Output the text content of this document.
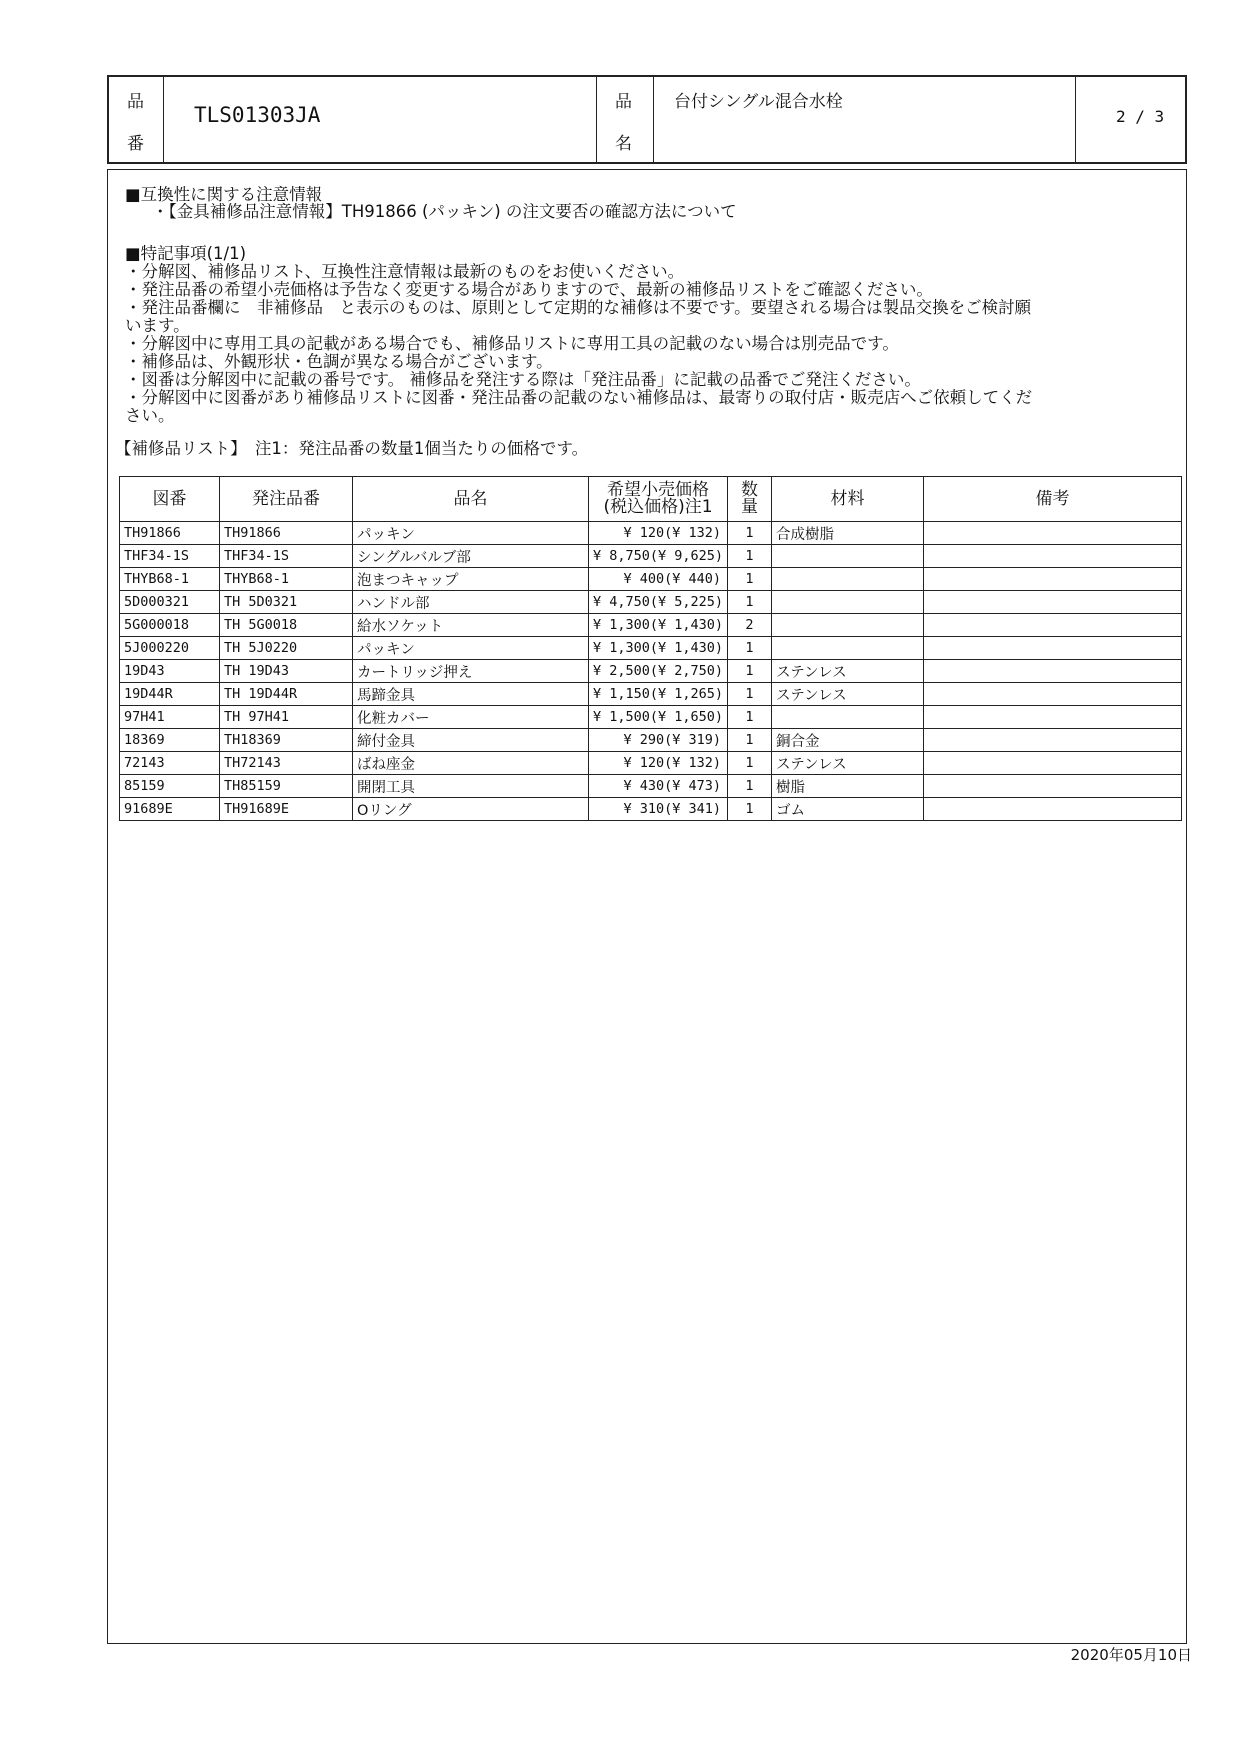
品
番
TLS01303JA
品
名
台付シングル混合水栓
2 / 3
■互換性に関する注意情報
・【金具補修品注意情報】TH91866 (パッキン) の注文要否の確認方法について
■特記事項(1/1)
・分解図、補修品リスト、互換性注意情報は最新のものをお使いください。
・発注品番の希望小売価格は予告なく変更する場合がありますので、最新の補修品リストをご確認ください。
・発注品番欄に　非補修品　と表示のものは、原則として定期的な補修は不要です。要望される場合は製品交換をご検討願
います。
・分解図中に専用工具の記載がある場合でも、補修品リストに専用工具の記載のない場合は別売品です。
・補修品は、外観形状・色調が異なる場合がございます。
・図番は分解図中に記載の番号です。 補修品を発注する際は「発注品番」に記載の品番でご発注ください。
・分解図中に図番があり補修品リストに図番・発注品番の記載のない補修品は、最寄りの取付店・販売店へご依頼してくだ
さい。
【補修品リスト】　注1：発注品番の数量1個当たりの価格です。
図番	発注品番	品名	希望小売価格
(税込価格)注1	数
量	材料	備考
TH91866	TH91866	パッキン	¥ 120(¥ 132)	1	合成樹脂	
THF34-1S	THF34-1S	シングルバルブ部	¥ 8,750(¥ 9,625)	1		
THYB68-1	THYB68-1	泡まつキャップ	¥ 400(¥ 440)	1		
5D000321	TH 5D0321	ハンドル部	¥ 4,750(¥ 5,225)	1		
5G000018	TH 5G0018	給水ソケット	¥ 1,300(¥ 1,430)	2		
5J000220	TH 5J0220	パッキン	¥ 1,300(¥ 1,430)	1		
19D43	TH 19D43	カートリッジ押え	¥ 2,500(¥ 2,750)	1	ステンレス	
19D44R	TH 19D44R	馬蹄金具	¥ 1,150(¥ 1,265)	1	ステンレス	
97H41	TH 97H41	化粧カバー	¥ 1,500(¥ 1,650)	1		
18369	TH18369	締付金具	¥ 290(¥ 319)	1	銅合金	
72143	TH72143	ばね座金	¥ 120(¥ 132)	1	ステンレス	
85159	TH85159	開閉工具	¥ 430(¥ 473)	1	樹脂	
91689E	TH91689E	Oリング	¥ 310(¥ 341)	1	ゴム	
2020年05月10日
